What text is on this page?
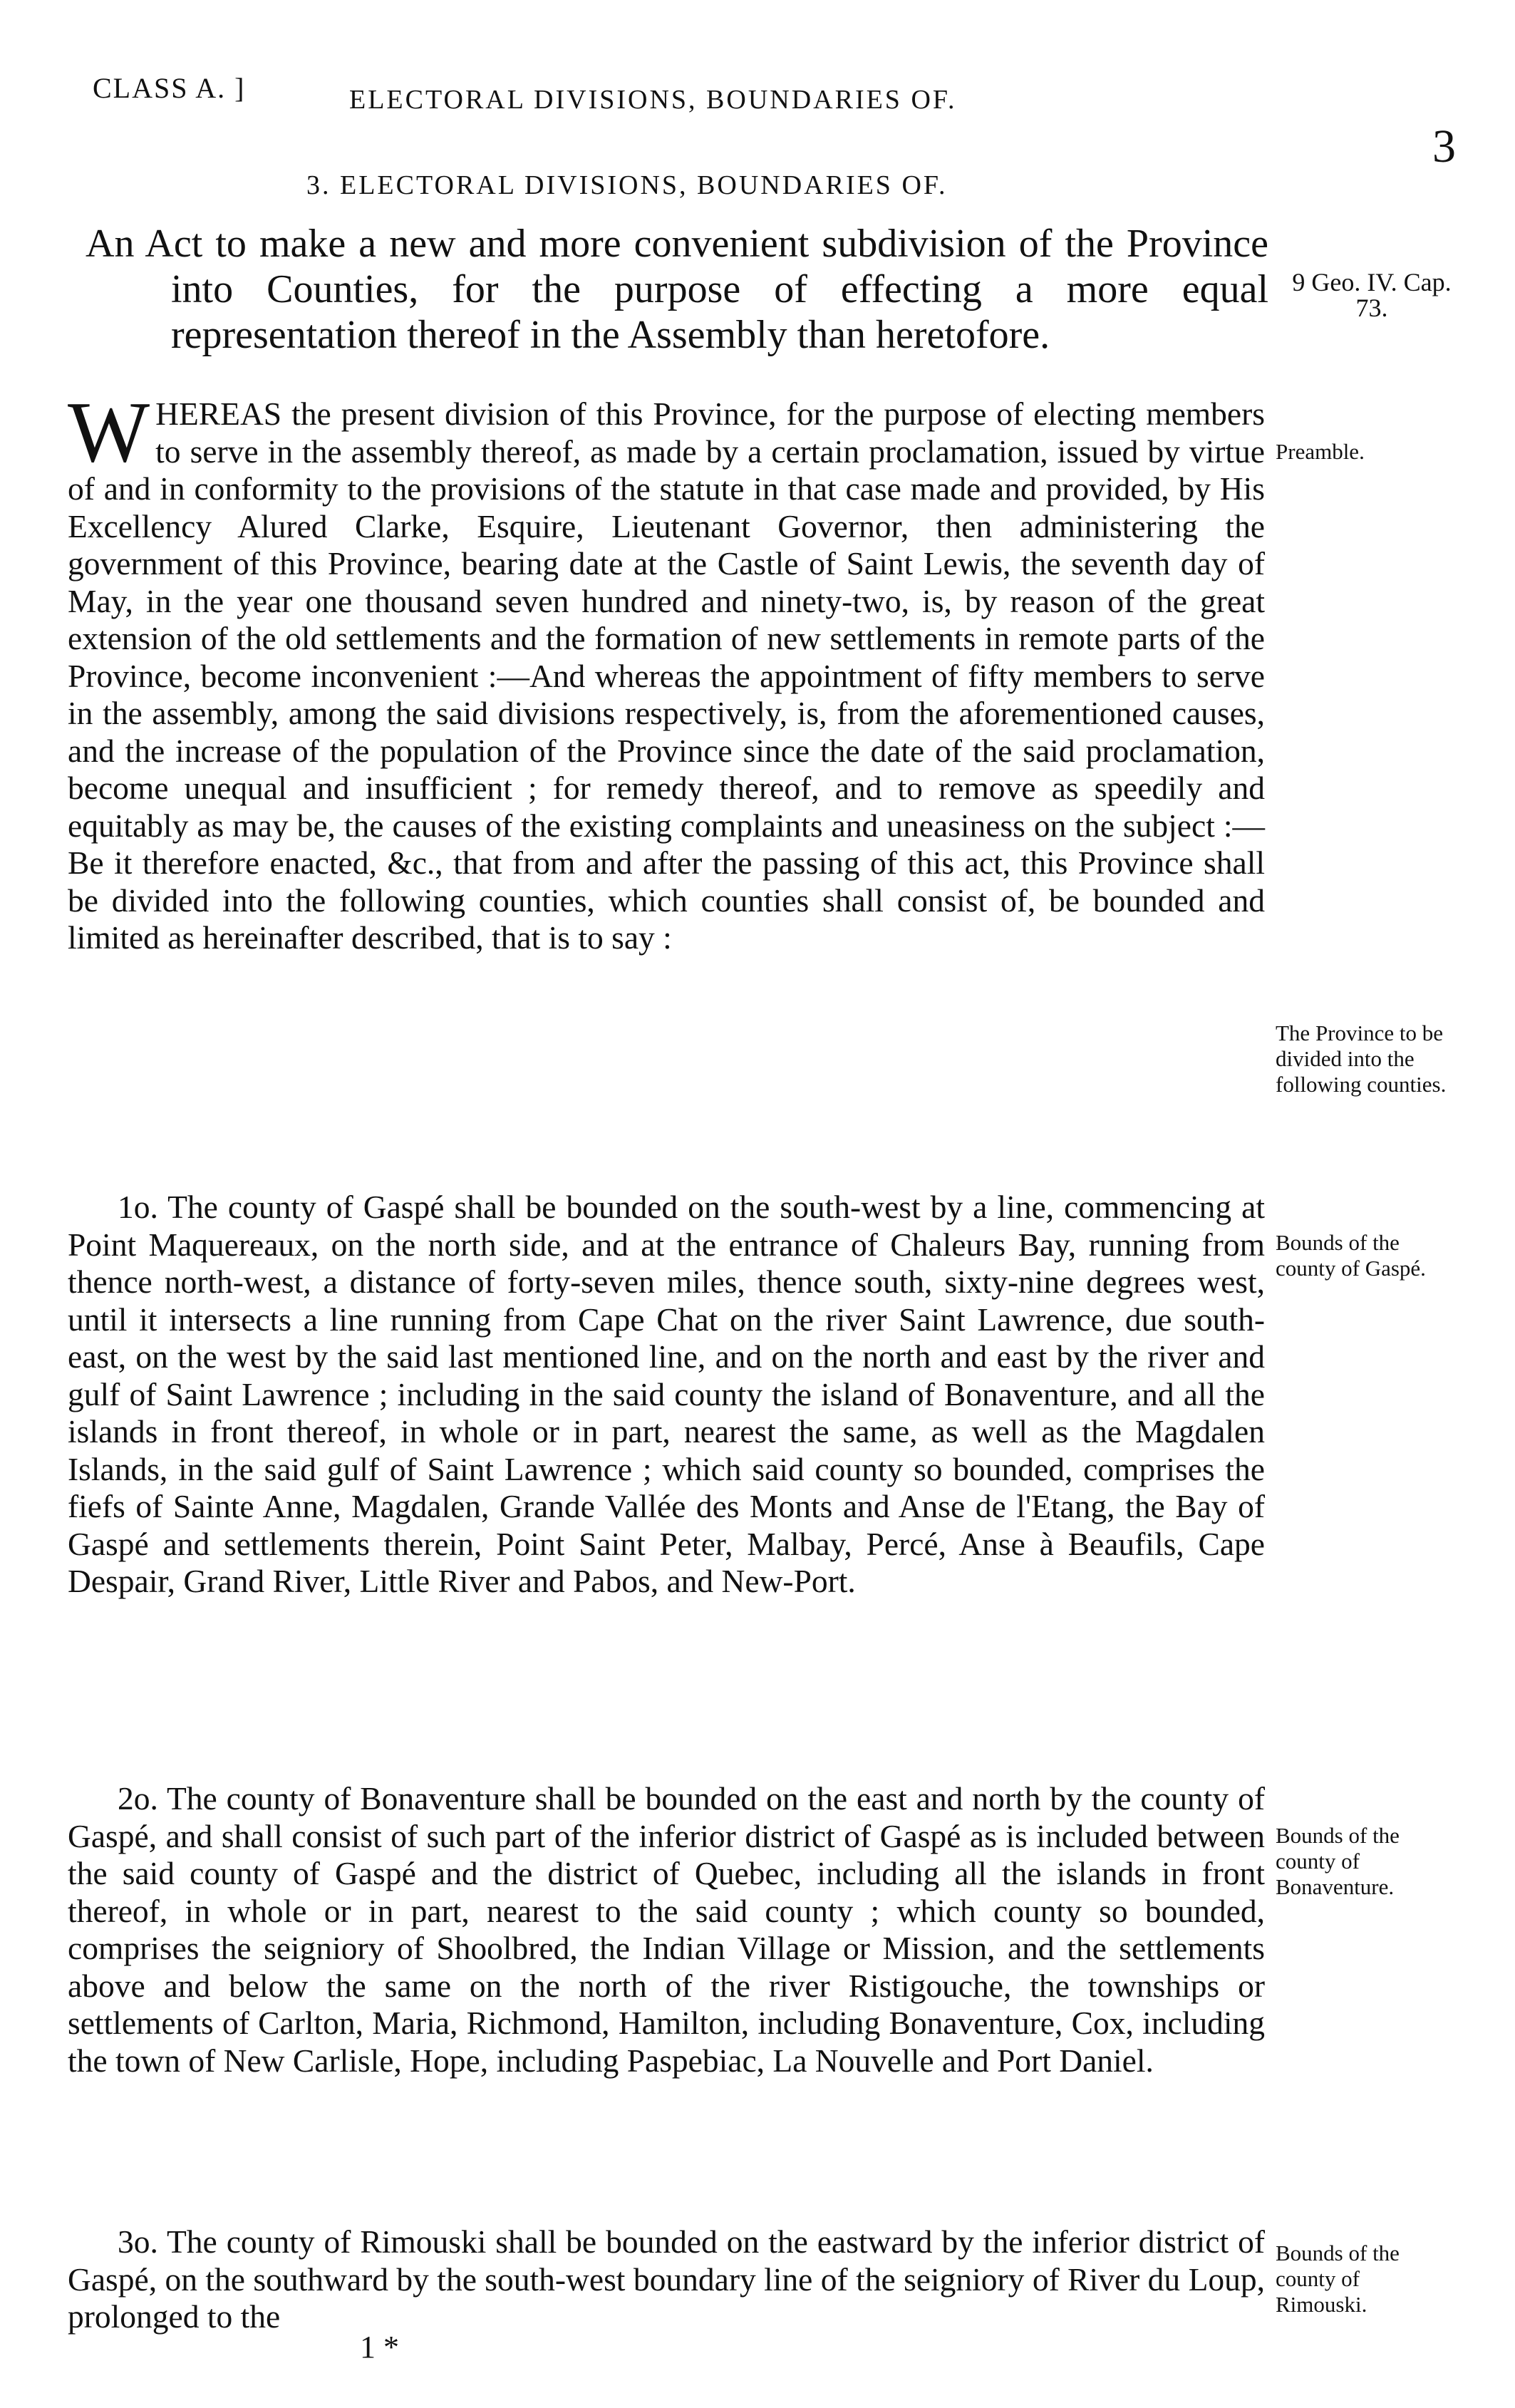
CLASS A. ]	ELECTORAL DIVISIONS, BOUNDARIES OF.
3
3. ELECTORAL DIVISIONS, BOUNDARIES OF.

An Act to make a new and more convenient subdivision of the Province into Counties, for the purpose of effecting a more equal representation thereof in the Assembly than heretofore.

9 Geo. IV. Cap. 73.
Preamble.
The Province to be divided into the following counties.
Bounds of the county of Gaspé.
Bounds of the county of Bonaventure.
Bounds of the county of Rimouski.

W HEREAS the present division of this Province, for the purpose of electing members to serve in the assembly thereof, as made by a certain proclamation, issued by virtue of and in conformity to the provisions of the statute in that case made and provided, by His Excellency Alured Clarke, Esquire, Lieutenant Governor, then administering the government of this Province, bearing date at the Castle of Saint Lewis, the seventh day of May, in the year one thousand seven hundred and ninety-two, is, by reason of the great extension of the old settlements and the formation of new settlements in remote parts of the Province, become inconvenient :—And whereas the appointment of fifty members to serve in the assembly, among the said divisions respectively, is, from the aforementioned causes, and the increase of the population of the Province since the date of the said proclamation, become unequal and insufficient ; for remedy thereof, and to remove as speedily and equitably as may be, the causes of the existing complaints and uneasiness on the subject :—Be it therefore enacted, &c., that from and after the passing of this act, this Province shall be divided into the following counties, which counties shall consist of, be bounded and limited as hereinafter described, that is to say :

1o. The county of Gaspé shall be bounded on the south-west by a line, commencing at Point Maquereaux, on the north side, and at the entrance of Chaleurs Bay, running from thence north-west, a distance of forty-seven miles, thence south, sixty-nine degrees west, until it intersects a line running from Cape Chat on the river Saint Lawrence, due south-east, on the west by the said last mentioned line, and on the north and east by the river and gulf of Saint Lawrence ; including in the said county the island of Bonaventure, and all the islands in front thereof, in whole or in part, nearest the same, as well as the Magdalen Islands, in the said gulf of Saint Lawrence ; which said county so bounded, comprises the fiefs of Sainte Anne, Magdalen, Grande Vallée des Monts and Anse de l'Etang, the Bay of Gaspé and settlements therein, Point Saint Peter, Malbay, Percé, Anse à Beaufils, Cape Despair, Grand River, Little River and Pabos, and New-Port.

2o. The county of Bonaventure shall be bounded on the east and north by the county of Gaspé, and shall consist of such part of the inferior district of Gaspé as is included between the said county of Gaspé and the district of Quebec, including all the islands in front thereof, in whole or in part, nearest to the said county ; which county so bounded, comprises the seigniory of Shoolbred, the Indian Village or Mission, and the settlements above and below the same on the north of the river Ristigouche, the townships or settlements of Carlton, Maria, Richmond, Hamilton, including Bonaventure, Cox, including the town of New Carlisle, Hope, including Paspebiac, La Nouvelle and Port Daniel.

3o. The county of Rimouski shall be bounded on the eastward by the inferior district of Gaspé, on the southward by the south-west boundary line of the seigniory of River du Loup, prolonged to the

1 *
